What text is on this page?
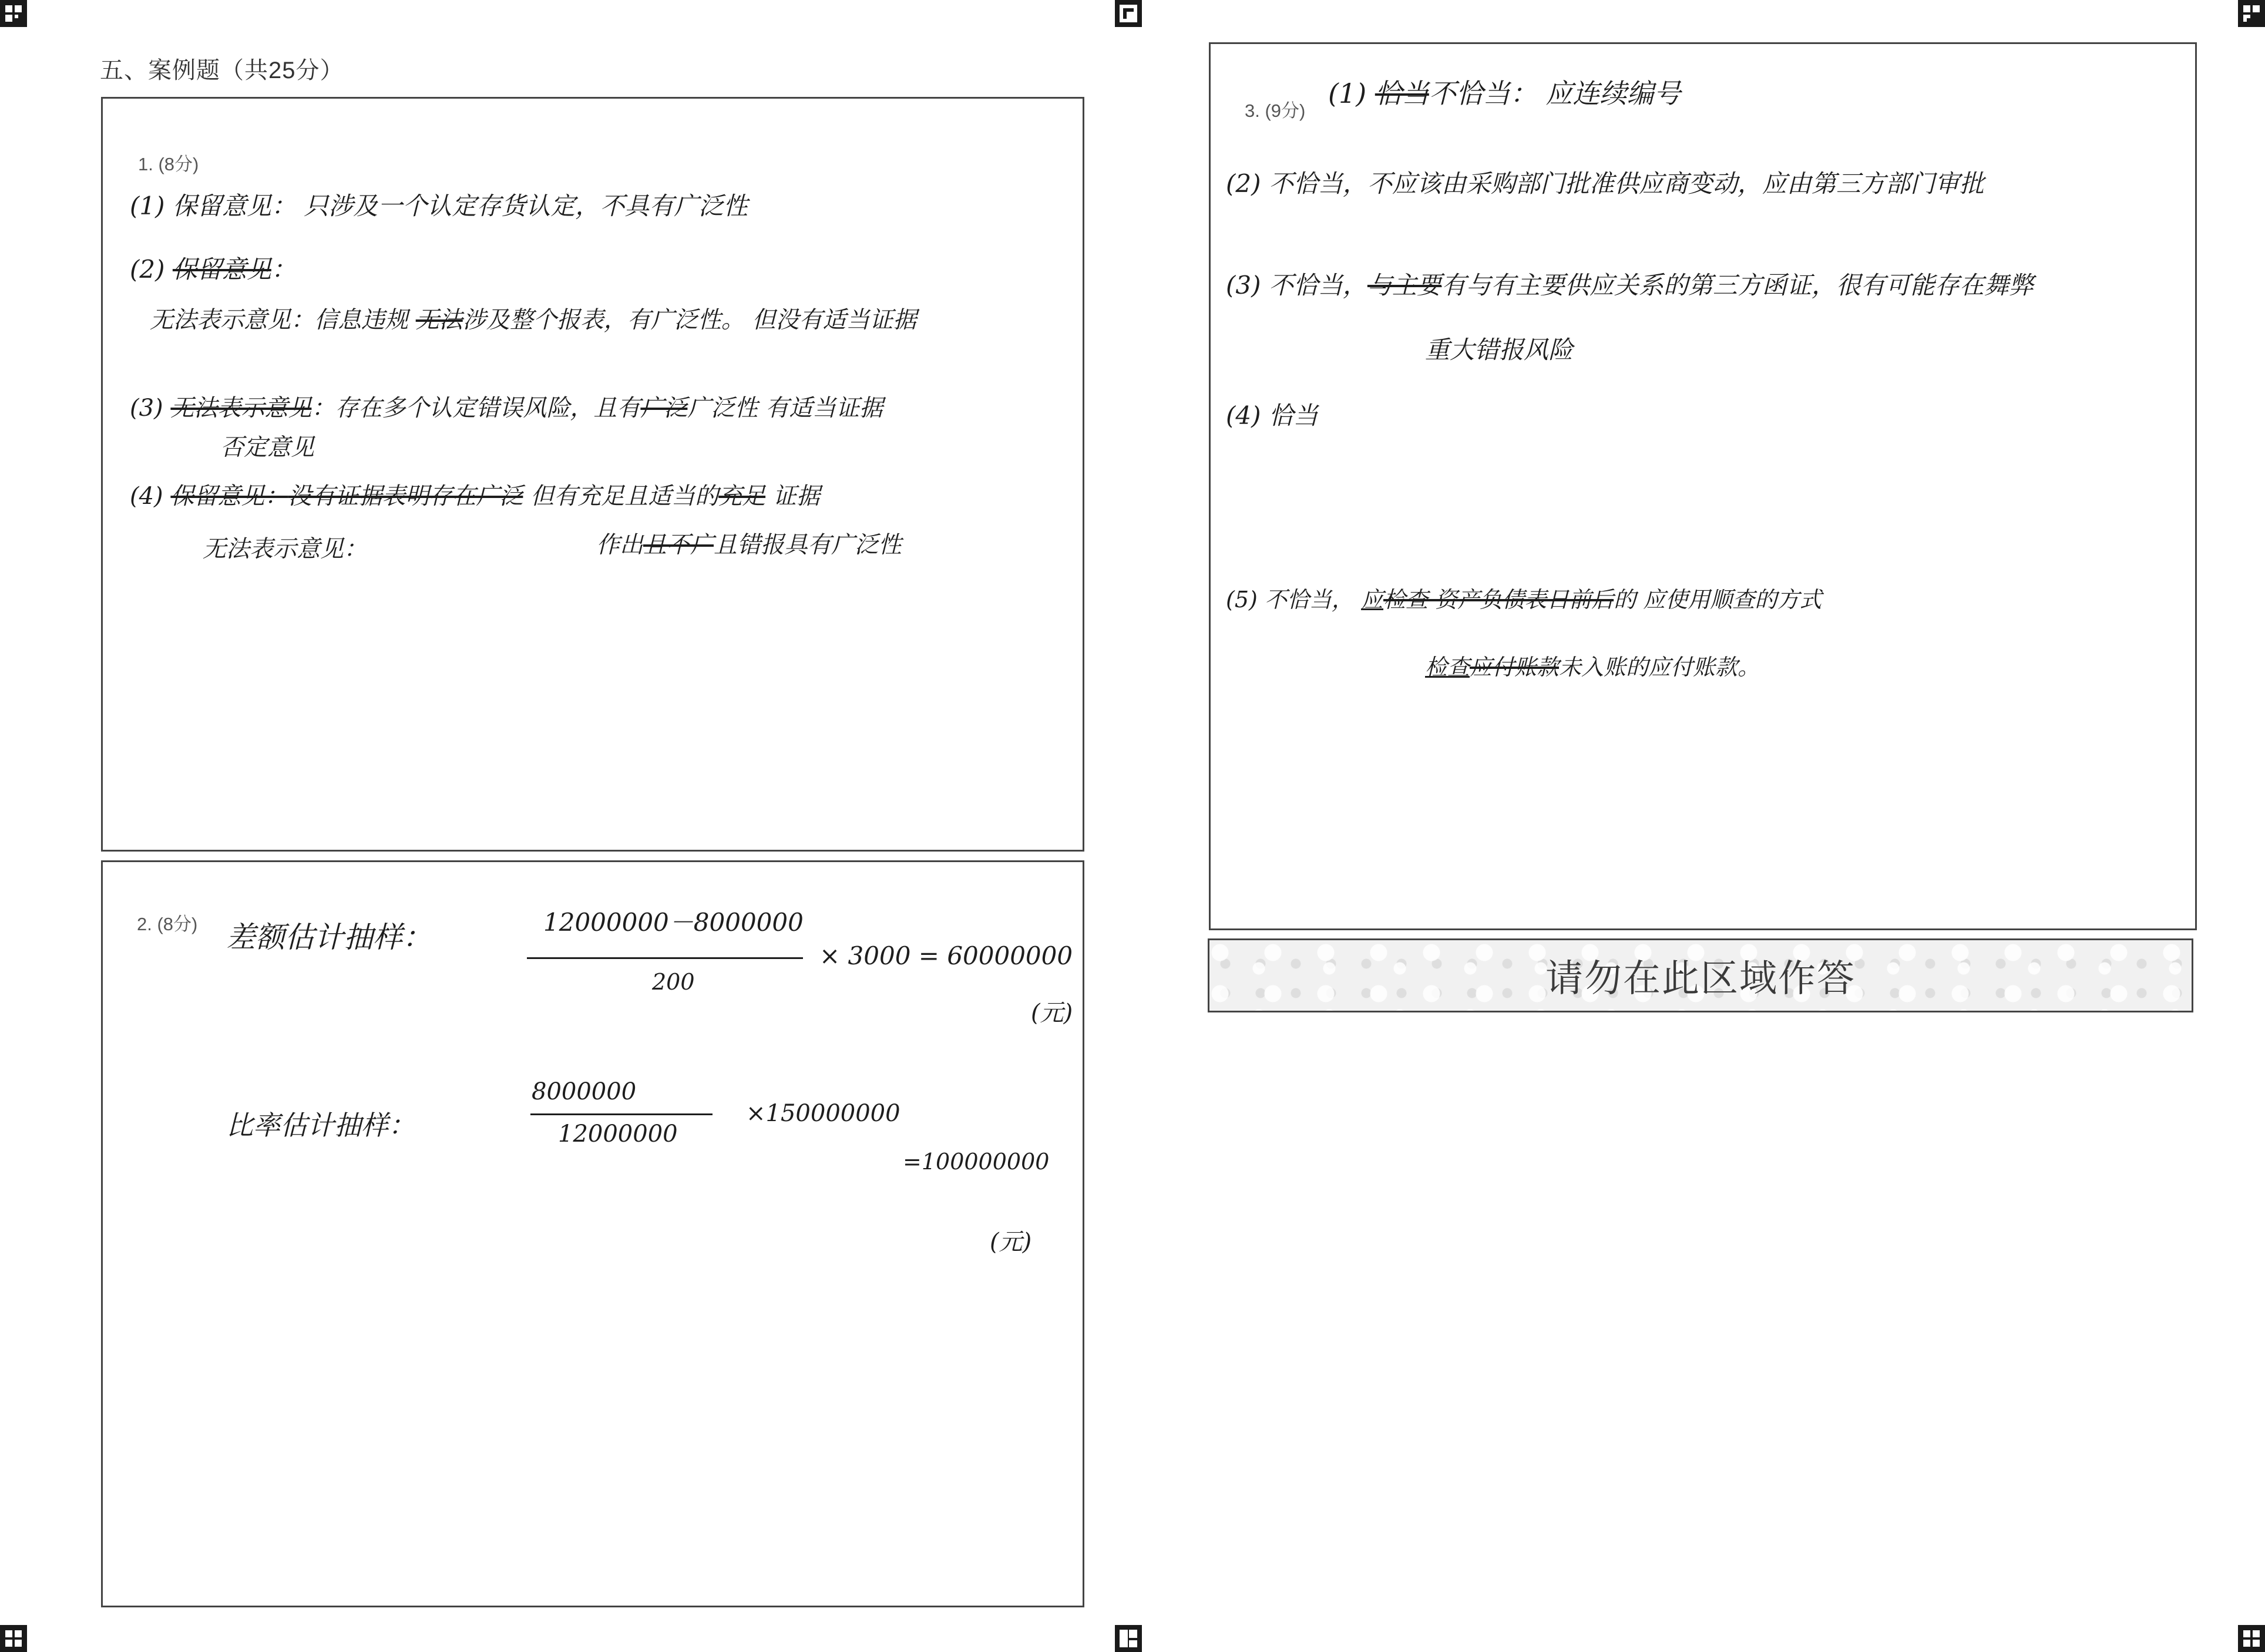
五、案例题（共25分）
1. (8分)
(1) 保留意见： 只涉及一个认定存货认定，不具有广泛性
(2) 保留意见：
无法表示意见：信息违规 无法涉及整个报表，有广泛性。 但没有适当证据
(3) 无法表示意见：存在多个认定错误风险，且有广泛广泛性 有适当证据
否定意见
(4) 保留意见：没有证据表明存在广泛 但有充足且适当的充足 证据
无法表示意见：	作出且不广且错报具有广泛性
2. (8分) 差额估计抽样：	12000000－8000000
200
× 3000 = 60000000
(元)
比率估计抽样：
8000000
12000000
×150000000
=100000000
(元)
3. (9分)
(1) 恰当不恰当： 应连续编号
(2) 不恰当，不应该由采购部门批准供应商变动，应由第三方部门审批
(3) 不恰当，与主要有与有主要供应关系的第三方函证，很有可能存在舞弊
重大错报风险
(4) 恰当
(5) 不恰当， 应检查 资产负债表日前后的 应使用顺查的方式
检查应付账款未入账的应付账款。
请勿在此区域作答
